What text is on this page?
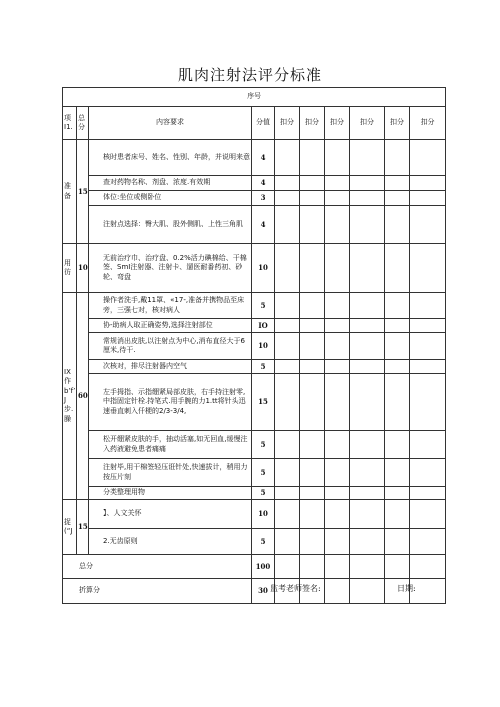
肌肉注射法评分标准
序号									
项 I1.	总 分	内容要求	分值	扣分	扣分	扣分	扣分	扣分	扣分
准 备	15	核时患者床号、姓名、性别、年龄，并说明来意	4						
		查对药物名称、剂盘、浓度.有效期	4						
		体位:坐位或侧卧位	3						
		注射点选择：臀大肌、股外侧肌、上性三角肌	4						
用 彷	10	无前治疗巾、治疗盘、0.2%活力碘棉给、干棉签、SmI注射器、注射卡、遛医耐番药初、砂轮、弯盘	10						
IX 作 b’f’ J步. 臊	60	操作者洗手,戴11罩、«17-,准备并携物品至床旁，三强七对，核对病人	5						
		协-助病人取正确姿势,选择注射部位	IO						
		常规消出皮肤,以注射点为中心,消布直径大于6厘米,待干.	10						
		次核对，排尽注射器内空气	5						
		左手拇指、示指绷紧局部皮肤，右手持注射零,中指固定针栓.持笔式.用手腕的力1.tt将针头迅速垂直刺入仟梗的2/3-3/4,	15						
		松开绷紧皮肤的手，抽动活塞,如无回血,缓慢注入药液避免患者痛痛	5						
		注射毕,用干棉签轻压诳针处,快速拔计，稍用力按压片刻	5						
		分类整理用物	5						
捉 (“J	15	】、人文关怀	10						
		2.无齿原则	5						
总分			100						
折算分			30						监考老师签名:	日期:
